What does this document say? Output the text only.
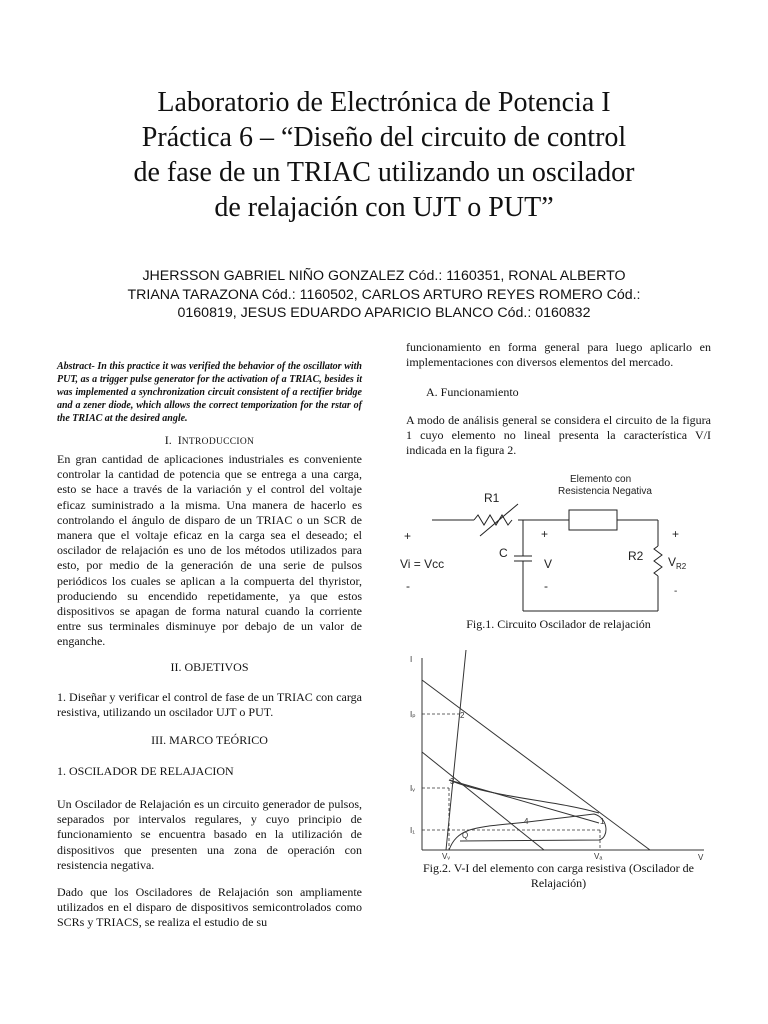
Laboratorio de Electrónica de Potencia I
Práctica 6 – “Diseño del circuito de control
de fase de un TRIAC utilizando un oscilador
de relajación con UJT o PUT”
JHERSSON GABRIEL NIÑO GONZALEZ Cód.: 1160351, RONAL ALBERTO
TRIANA TARAZONA Cód.: 1160502, CARLOS ARTURO REYES ROMERO Cód.:
0160819, JESUS EDUARDO APARICIO BLANCO Cód.: 0160832

Abstract- In this practice it was verified the behavior of the oscillator with PUT, as a trigger pulse generator for the activation of a TRIAC, besides it was implemented a synchronization circuit consistent of a rectifier bridge and a zener diode, which allows the correct temporization for the rstar of the TRIAC at the desired angle.

I. INTRODUCCION

En gran cantidad de aplicaciones industriales es conveniente controlar la cantidad de potencia que se entrega a una carga, esto se hace a través de la variación y el control del voltaje eficaz suministrado a la misma. Una manera de hacerlo es controlando el ángulo de disparo de un TRIAC o un SCR de manera que el voltaje eficaz en la carga sea el deseado; el oscilador de relajación es uno de los métodos utilizados para esto, por medio de la generación de una serie de pulsos periódicos los cuales se aplican a la compuerta del thyristor, produciendo su encendido repetidamente, ya que estos dispositivos se apagan de forma natural cuando la corriente entre sus terminales disminuye por debajo de un valor de enganche.

II. OBJETIVOS

1. Diseñar y verificar el control de fase de un TRIAC con carga resistiva, utilizando un oscilador UJT o PUT.

III. MARCO TEÓRICO
1. OSCILADOR DE RELAJACION

Un Oscilador de Relajación es un circuito generador de pulsos, separados por intervalos regulares, y cuyo principio de funcionamiento se encuentra basado en la utilización de dispositivos que presenten una zona de operación con resistencia negativa.

Dado que los Osciladores de Relajación son ampliamente utilizados en el disparo de dispositivos semicontrolados como SCRs y TRIACS, se realiza el estudio de su

funcionamiento en forma general para luego aplicarlo en implementaciones con diversos elementos del mercado.

A. Funcionamiento

A modo de análisis general se considera el circuito de la figura 1 cuyo elemento no lineal presenta la característica V/I indicada en la figura 2.

Elemento con
Resistencia Negativa
R1
C
V
R2 $V_{R2}$
Vi = Vcc
+	+	+
-	-	-
Fig.1. Circuito Oscilador de relajación
I
V
Iₚ
Iᵥ
I₁
Vᵥ	Vₐ
1
2
3
4
Q
Fig.2. V-I del elemento con carga resistiva (Oscilador de
Relajación)
